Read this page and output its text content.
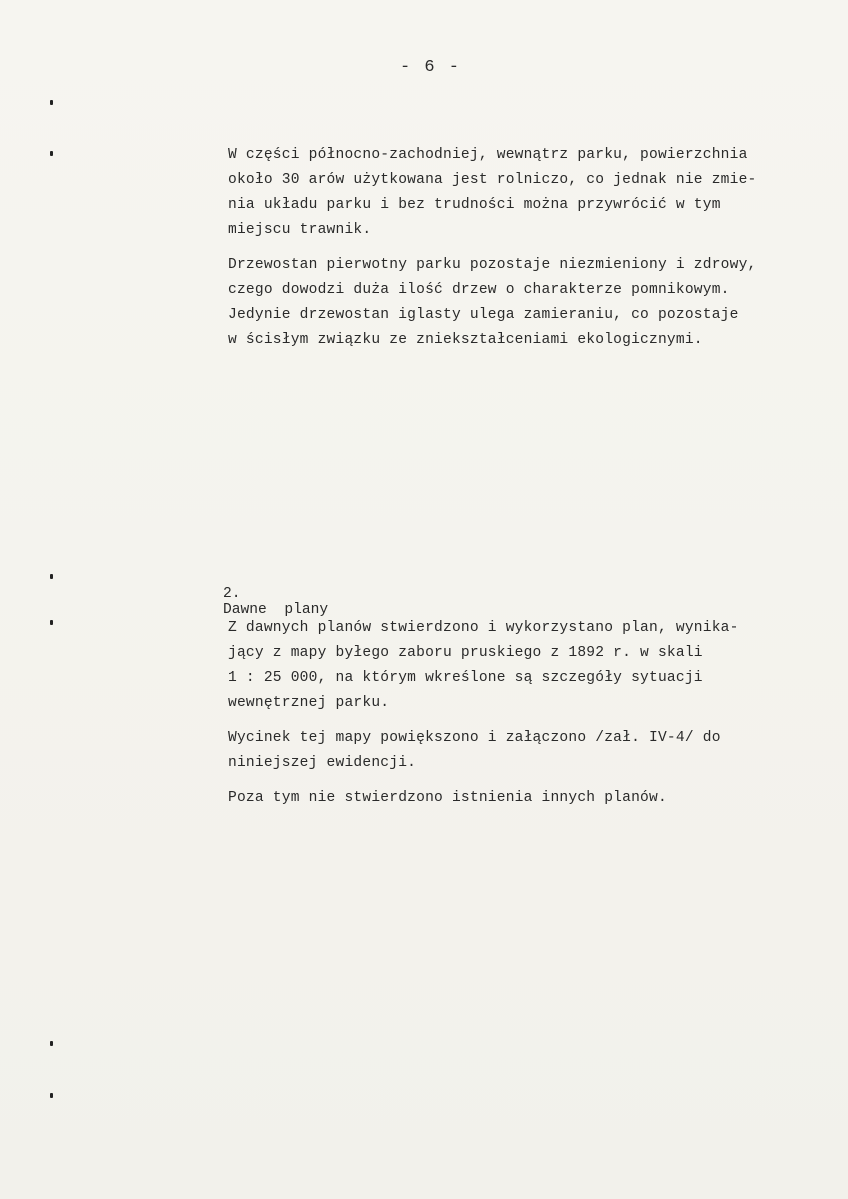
- 6 -
W części północno-zachodniej, wewnątrz parku, powierzchnia
około 30 arów użytkowana jest rolniczo, co jednak nie zmie-
nia układu parku i bez trudności można przywrócić w tym
miejscu trawnik.
Drzewostan pierwotny parku pozostaje niezmieniony i zdrowy,
czego dowodzi duża ilość drzew o charakterze pomnikowym.
Jedynie drzewostan iglasty ulega zamieraniu, co pozostaje
w ścisłym związku ze zniekształceniami ekologicznymi.

2.
Dawne  plany

Z dawnych planów stwierdzono i wykorzystano plan, wynika-
jący z mapy byłego zaboru pruskiego z 1892 r. w skali
1 : 25 000, na którym wkreślone są szczegóły sytuacji
wewnętrznej parku.
Wycinek tej mapy powiększono i załączono /zał. IV-4/ do
niniejszej ewidencji.
Poza tym nie stwierdzono istnienia innych planów.
